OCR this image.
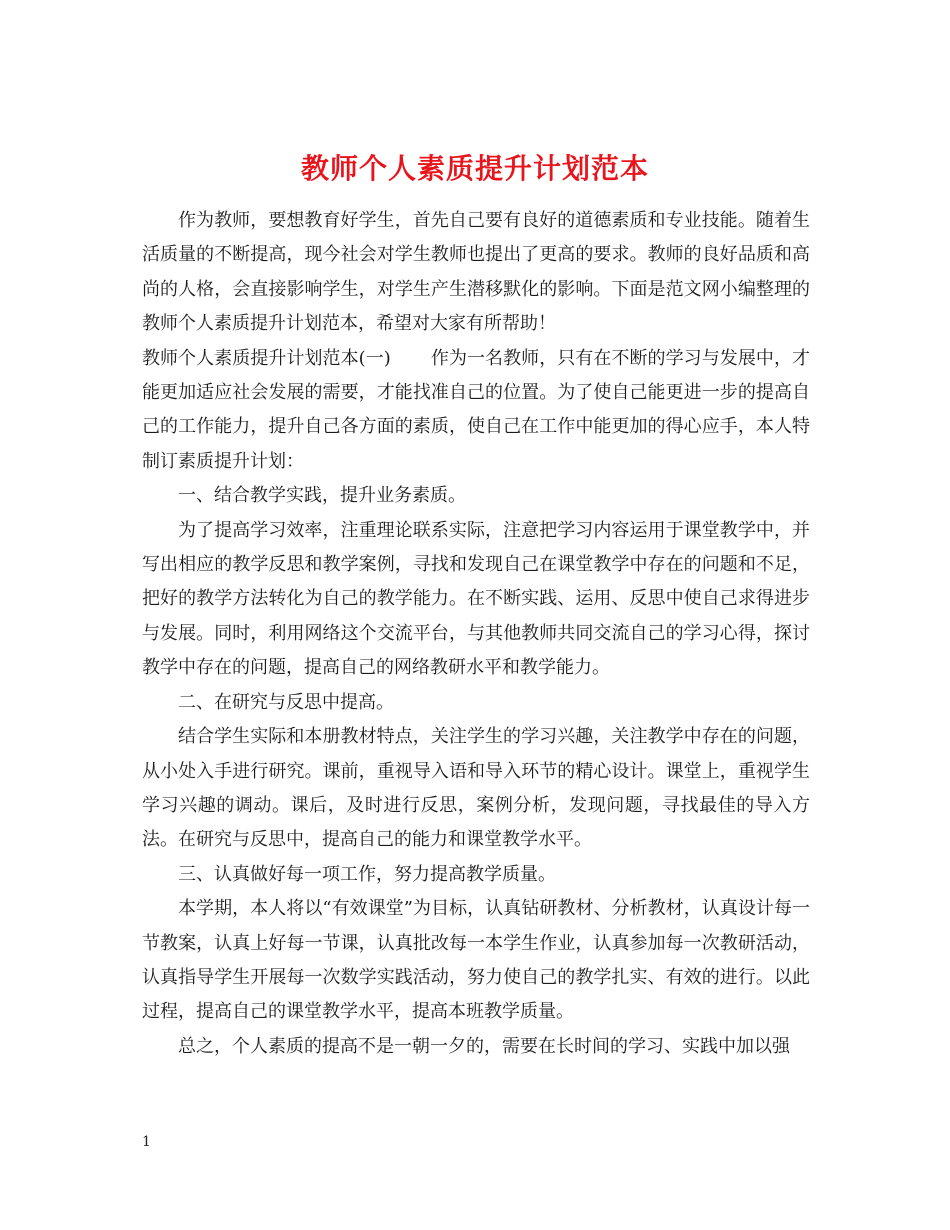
教师个人素质提升计划范本

作为教师，要想教育好学生，首先自己要有良好的道德素质和专业技能。随着生活质量的不断提高，现今社会对学生教师也提出了更高的要求。教师的良好品质和高尚的人格，会直接影响学生，对学生产生潜移默化的影响。下面是范文网小编整理的教师个人素质提升计划范本，希望对大家有所帮助！

教师个人素质提升计划范本(一) 作为一名教师，只有在不断的学习与发展中，才能更加适应社会发展的需要，才能找准自己的位置。为了使自己能更进一步的提高自己的工作能力，提升自己各方面的素质，使自己在工作中能更加的得心应手，本人特制订素质提升计划：

一、结合教学实践，提升业务素质。

为了提高学习效率，注重理论联系实际，注意把学习内容运用于课堂教学中，并写出相应的教学反思和教学案例，寻找和发现自己在课堂教学中存在的问题和不足，把好的教学方法转化为自己的教学能力。在不断实践、运用、反思中使自己求得进步与发展。同时，利用网络这个交流平台，与其他教师共同交流自己的学习心得，探讨教学中存在的问题，提高自己的网络教研水平和教学能力。

二、在研究与反思中提高。

结合学生实际和本册教材特点，关注学生的学习兴趣，关注教学中存在的问题，从小处入手进行研究。课前，重视导入语和导入环节的精心设计。课堂上，重视学生学习兴趣的调动。课后，及时进行反思，案例分析，发现问题，寻找最佳的导入方法。在研究与反思中，提高自己的能力和课堂教学水平。

三、认真做好每一项工作，努力提高教学质量。

本学期，本人将以“有效课堂”为目标，认真钻研教材、分析教材，认真设计每一节教案，认真上好每一节课，认真批改每一本学生作业，认真参加每一次教研活动，认真指导学生开展每一次数学实践活动，努力使自己的教学扎实、有效的进行。以此过程，提高自己的课堂教学水平，提高本班教学质量。

总之，个人素质的提高不是一朝一夕的，需要在长时间的学习、实践中加以强

1
